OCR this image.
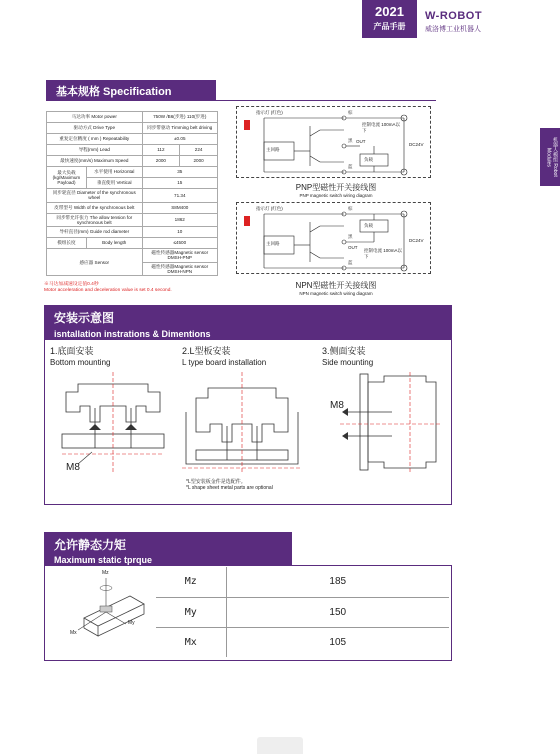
2021
产品手册
W-ROBOT
威洛博工业机器人
机器人模组 Robot Modules
基本规格 Specification
马达功率 Motor power		750W /B6(步进) 110(步进)	
驱动方式 Drive Type		同步带驱动 Timming belt driving	
重复定位精度 ( mm ) Repeatability		±0.05	
导程(mm) Lead		112	224
最快速度(mm/s) Maximum Speed		2000	2000
最大负载 (kg/Maximum Payload)	水平使用 Horizontal	35	
	垂直使用 Vertical	15	
同步轮直径 Diameter of the synchronous wheel		71.34	
皮带型号 Width of the synchronous belt		S8M400	
同步带允许张力 The allow tension for synchronous belt		1862	
导杆直径(mm) Guide rod diameter		10	
模组长度	Body length	≤4500	
感应器 Sensor		磁性传感器Magnetic sensor DMSH-PNP	
		磁性传感器Magnetic sensor DMSH-NPN	
※马达加减速设定值0.4秒
Motor acceleration and deceleration value is set 0.4 second.
指示灯 (红色)
主回路
棕
黑
蓝
OUT
负载
控制电流 100mA以下
DC24V
PNP型磁性开关接线图
PNP magnetic switch wiring diagram
指示灯 (红色)
主回路
棕
黑
蓝
OUT
负载
控制电流 100mA以下
DC24V
NPN型磁性开关接线图
NPN magnetic switch wiring diagram
安装示意图
isntallation instrations & Dimentions
1.底面安装
Bottom mounting
M8
2.L型板安装
L type board installation
*L型安装板金件是选配件。
*L shape sheet metal parts are optional
3.侧面安装
Side mounting
M8
允许静态力矩
Maximum static tprque
Mz
Mx
My
Mz	185
My	150
Mx	105
